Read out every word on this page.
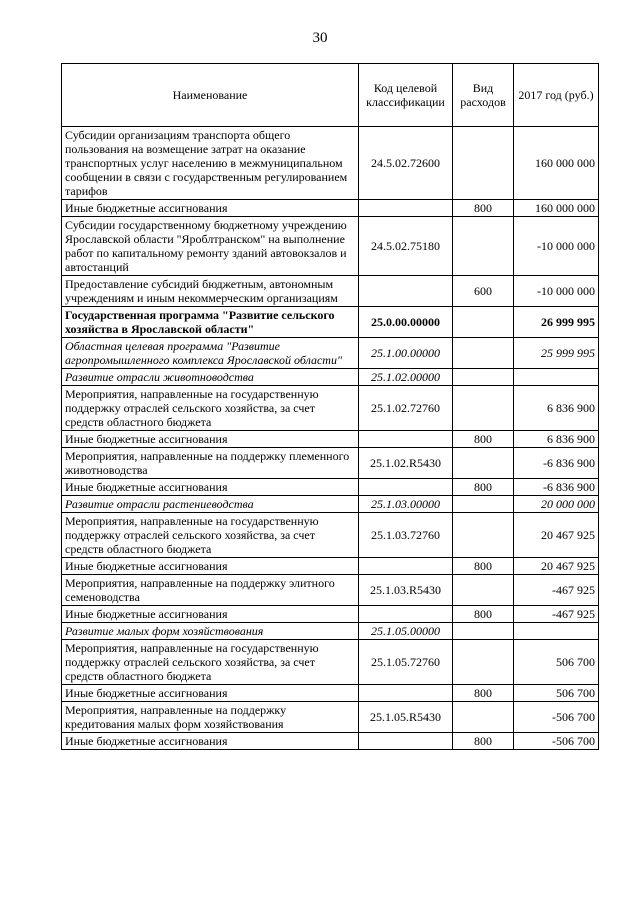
30
Наименование	Код целевой классификации	Вид расходов	2017 год (руб.)
Субсидии организациям транспорта общего пользования на возмещение затрат на оказание транспортных услуг населению в межмуниципальном сообщении в связи с государственным регулированием тарифов	24.5.02.72600		160 000 000
Иные бюджетные ассигнования		800	160 000 000
Субсидии государственному бюджетному учреждению Ярославской области "Яроблтранском" на выполнение работ по капитальному ремонту зданий автовокзалов и автостанций	24.5.02.75180		-10 000 000
Предоставление субсидий бюджетным, автономным учреждениям и иным некоммерческим организациям		600	-10 000 000
Государственная программа "Развитие сельского хозяйства в Ярославской области"	25.0.00.00000		26 999 995
Областная целевая программа "Развитие агропромышленного комплекса Ярославской области"	25.1.00.00000		25 999 995
Развитие отрасли животноводства	25.1.02.00000		
Мероприятия, направленные на государственную поддержку отраслей сельского хозяйства, за счет средств областного бюджета	25.1.02.72760		6 836 900
Иные бюджетные ассигнования		800	6 836 900
Мероприятия, направленные на поддержку племенного животноводства	25.1.02.R5430		-6 836 900
Иные бюджетные ассигнования		800	-6 836 900
Развитие отрасли растениеводства	25.1.03.00000		20 000 000
Мероприятия, направленные на государственную поддержку отраслей сельского хозяйства, за счет средств областного бюджета	25.1.03.72760		20 467 925
Иные бюджетные ассигнования		800	20 467 925
Мероприятия, направленные на поддержку элитного семеноводства	25.1.03.R5430		-467 925
Иные бюджетные ассигнования		800	-467 925
Развитие малых форм хозяйствования	25.1.05.00000		
Мероприятия, направленные на государственную поддержку отраслей сельского хозяйства, за счет средств областного бюджета	25.1.05.72760		506 700
Иные бюджетные ассигнования		800	506 700
Мероприятия, направленные на поддержку кредитования малых форм хозяйствования	25.1.05.R5430		-506 700
Иные бюджетные ассигнования		800	-506 700
